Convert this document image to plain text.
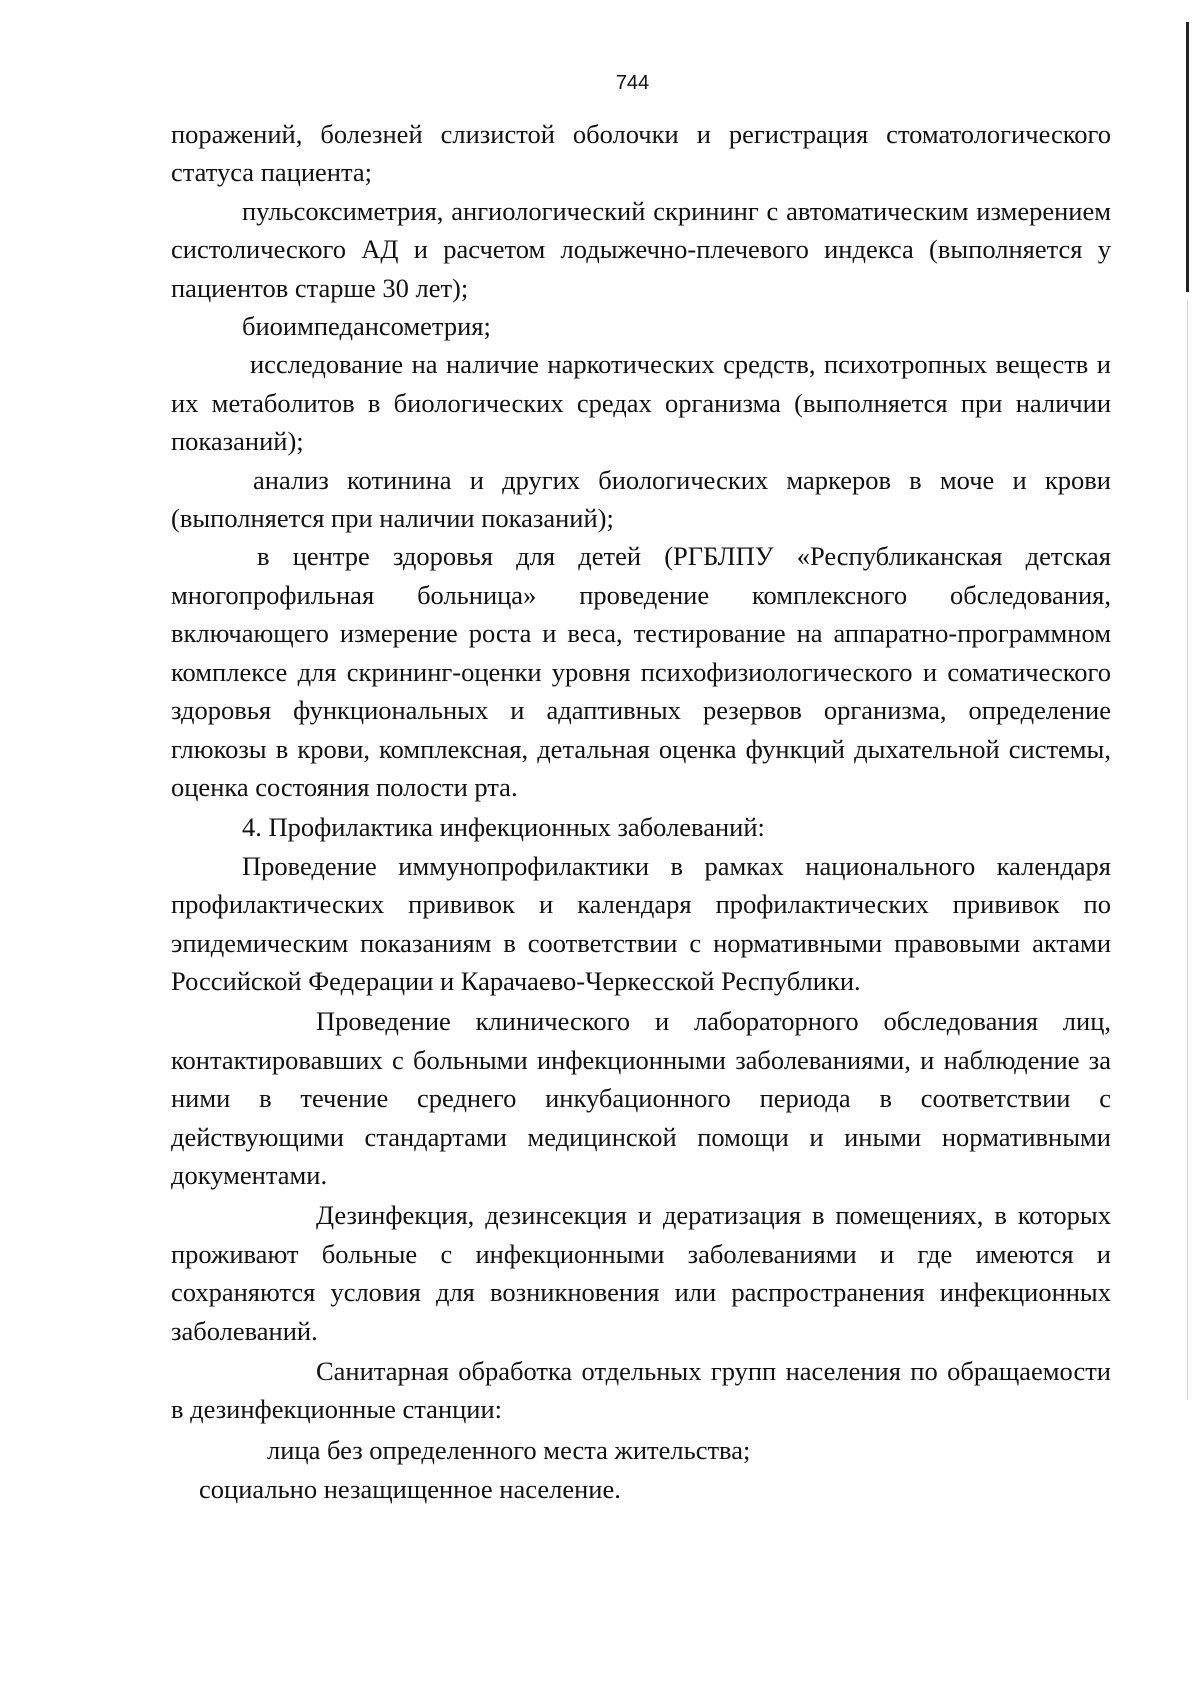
744

поражений, болезней слизистой оболочки и регистрация стоматологического статуса пациента;

пульсоксиметрия, ангиологический скрининг с автоматическим измерением систолического АД и расчетом лодыжечно-плечевого индекса (выполняется у пациентов старше 30 лет);

биоимпедансометрия;

исследование на наличие наркотических средств, психотропных веществ и их метаболитов в биологических средах организма (выполняется при наличии показаний);

анализ котинина и других биологических маркеров в моче и крови (выполняется при наличии показаний);

в центре здоровья для детей (РГБЛПУ «Республиканская детская многопрофильная больница» проведение комплексного обследования, включающего измерение роста и веса, тестирование на аппаратно-программном комплексе для скрининг-оценки уровня психофизиологического и соматического здоровья функциональных и адаптивных резервов организма, определение глюкозы в крови, комплексная, детальная оценка функций дыхательной системы, оценка состояния полости рта.

4. Профилактика инфекционных заболеваний:

Проведение иммунопрофилактики в рамках национального календаря профилактических прививок и календаря профилактических прививок по эпидемическим показаниям в соответствии с нормативными правовыми актами Российской Федерации и Карачаево-Черкесской Республики.

Проведение клинического и лабораторного обследования лиц, контактировавших с больными инфекционными заболеваниями, и наблюдение за ними в течение среднего инкубационного периода в соответствии с действующими стандартами медицинской помощи и иными нормативными документами.

Дезинфекция, дезинсекция и дератизация в помещениях, в которых проживают больные с инфекционными заболеваниями и где имеются и сохраняются условия для возникновения или распространения инфекционных заболеваний.

Санитарная обработка отдельных групп населения по обращаемости в дезинфекционные станции:

лица без определенного места жительства;

социально незащищенное население.
